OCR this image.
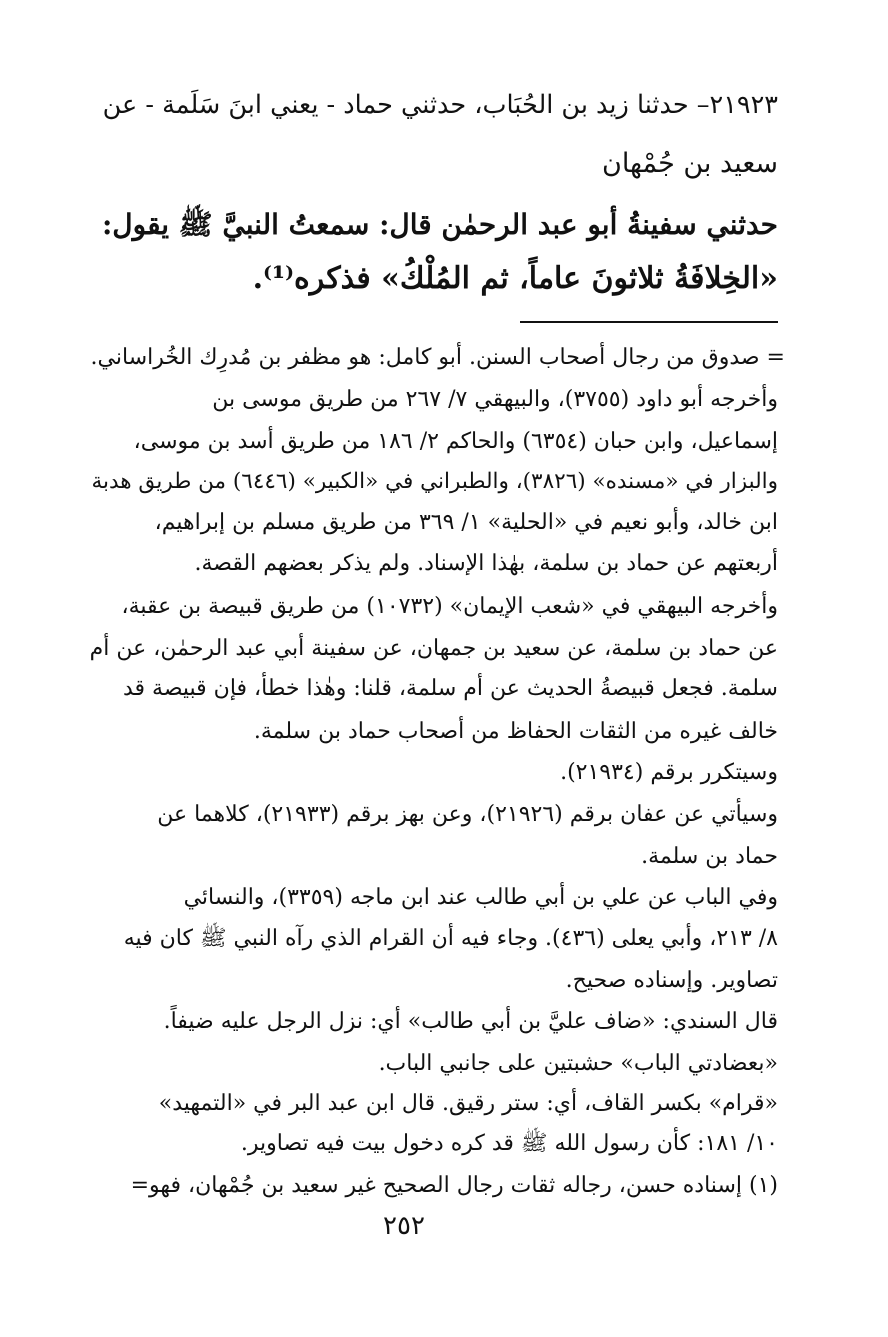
٢١٩٢٣– حدثنا زيد بن الحُبَاب، حدثني حماد - يعني ابنَ سَلَمة - عن
سعيد بن جُمْهان
حدثني سفينةُ أبو عبد الرحمٰن قال: سمعتُ النبيَّ ﷺ يقول:
«الخِلافَةُ ثلاثونَ عاماً، ثم المُلْكُ» فذكره⁽¹⁾.
= صدوق من رجال أصحاب السنن. أبو كامل: هو مظفر بن مُدرِك الخُراساني.
وأخرجه أبو داود (٣٧٥٥)، والبيهقي ٧/ ٢٦٧ من طريق موسى بن
إسماعيل، وابن حبان (٦٣٥٤) والحاكم ٢/ ١٨٦ من طريق أسد بن موسى،
والبزار في «مسنده» (٣٨٢٦)، والطبراني في «الكبير» (٦٤٤٦) من طريق هدبة
ابن خالد، وأبو نعيم في «الحلية» ١/ ٣٦٩ من طريق مسلم بن إبراهيم،
أربعتهم عن حماد بن سلمة، بهٰذا الإسناد. ولم يذكر بعضهم القصة.
وأخرجه البيهقي في «شعب الإيمان» (١٠٧٣٢) من طريق قبيصة بن عقبة،
عن حماد بن سلمة، عن سعيد بن جمهان، عن سفينة أبي عبد الرحمٰن، عن أم
سلمة. فجعل قبيصةُ الحديث عن أم سلمة، قلنا: وهٰذا خطأ، فإن قبيصة قد
خالف غيره من الثقات الحفاظ من أصحاب حماد بن سلمة.
وسيتكرر برقم (٢١٩٣٤).
وسيأتي عن عفان برقم (٢١٩٢٦)، وعن بهز برقم (٢١٩٣٣)، كلاهما عن
حماد بن سلمة.
وفي الباب عن علي بن أبي طالب عند ابن ماجه (٣٣٥٩)، والنسائي
٨/ ٢١٣، وأبي يعلى (٤٣٦). وجاء فيه أن القرام الذي رآه النبي ﷺ كان فيه
تصاوير. وإسناده صحيح.
قال السندي: «ضاف عليَّ بن أبي طالب» أي: نزل الرجل عليه ضيفاً.
«بعضادتي الباب» حشبتين على جانبي الباب.
«قرام» بكسر القاف، أي: ستر رقيق. قال ابن عبد البر في «التمهيد»
١٠/ ١٨١: كأن رسول الله ﷺ قد كره دخول بيت فيه تصاوير.
(١) إسناده حسن، رجاله ثقات رجال الصحيح غير سعيد بن جُمْهان، فهو=
٢٥٢
